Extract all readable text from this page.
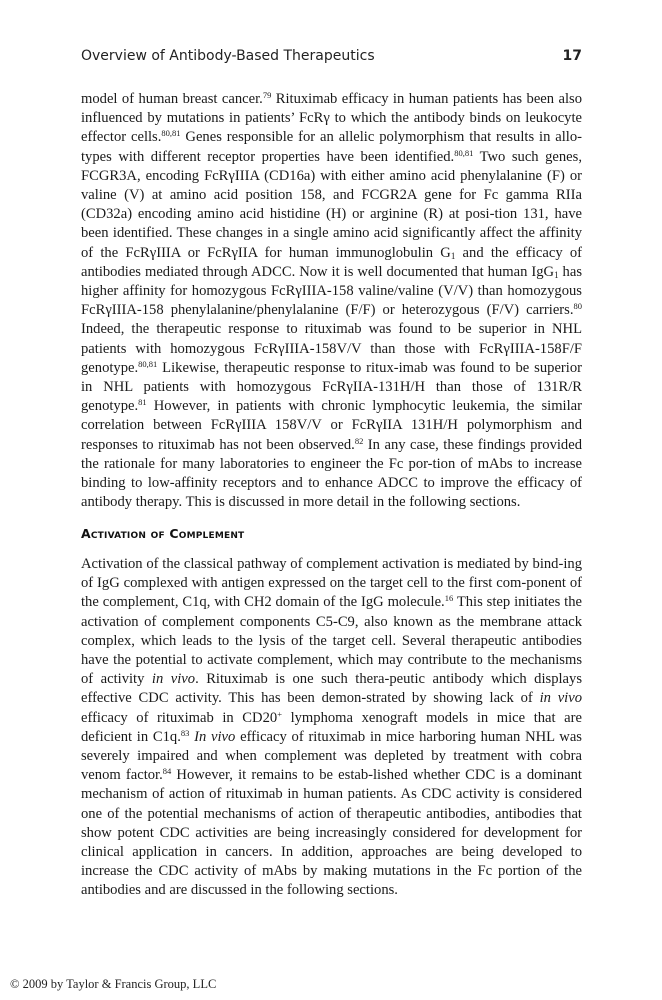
Overview of Antibody-Based Therapeutics	17

model of human breast cancer.$^{79}$ Rituximab efficacy in human patients has been also influenced by mutations in patients’ FcRγ to which the antibody binds on leukocyte effector cells.$^{80,81}$ Genes responsible for an allelic polymorphism that results in allo-types with different receptor properties have been identified.$^{80,81}$ Two such genes, FCGR3A, encoding FcRγIIIA (CD16a) with either amino acid phenylalanine (F) or valine (V) at amino acid position 158, and FCGR2A gene for Fc gamma RIIa (CD32a) encoding amino acid histidine (H) or arginine (R) at posi-tion 131, have been identified. These changes in a single amino acid significantly affect the affinity of the FcRγIIIA or FcRγIIA for human immunoglobulin $G_1$ and the efficacy of antibodies mediated through ADCC. Now it is well documented that human IgG$_1$ has higher affinity for homozygous FcRγIIIA-158 valine/valine (V/V) than homozygous FcRγIIIA-158 phenylalanine/phenylalanine (F/F) or heterozygous (F/V) carriers.$^{80}$ Indeed, the therapeutic response to rituximab was found to be superior in NHL patients with homozygous FcRγIIIA-158V/V than those with FcRγIIIA-158F/F genotype.$^{80,81}$ Likewise, therapeutic response to ritux-imab was found to be superior in NHL patients with homozygous FcRγIIA-131H/H than those of 131R/R genotype.$^{81}$ However, in patients with chronic lymphocytic leukemia, the similar correlation between FcRγIIIA 158V/V or FcRγIIA 131H/H polymorphism and responses to rituximab has not been observed.$^{82}$ In any case, these findings provided the rationale for many laboratories to engineer the Fc por-tion of mAbs to increase binding to low-affinity receptors and to enhance ADCC to improve the efficacy of antibody therapy. This is discussed in more detail in the following sections.

Activation of Complement

Activation of the classical pathway of complement activation is mediated by bind-ing of IgG complexed with antigen expressed on the target cell to the first com-ponent of the complement, C1q, with CH2 domain of the IgG molecule.$^{16}$ This step initiates the activation of complement components C5-C9, also known as the membrane attack complex, which leads to the lysis of the target cell. Several therapeutic antibodies have the potential to activate complement, which may contribute to the mechanisms of activity in vivo. Rituximab is one such thera-peutic antibody which displays effective CDC activity. This has been demon-strated by showing lack of in vivo efficacy of rituximab in CD20+ lymphoma xenograft models in mice that are deficient in C1q.$^{83}$ In vivo efficacy of rituximab in mice harboring human NHL was severely impaired and when complement was depleted by treatment with cobra venom factor.$^{84}$ However, it remains to be estab-lished whether CDC is a dominant mechanism of action of rituximab in human patients. As CDC activity is considered one of the potential mechanisms of action of therapeutic antibodies, antibodies that show potent CDC activities are being increasingly considered for development for clinical application in cancers. In addition, approaches are being developed to increase the CDC activity of mAbs by making mutations in the Fc portion of the antibodies and are discussed in the following sections.

© 2009 by Taylor & Francis Group, LLC
